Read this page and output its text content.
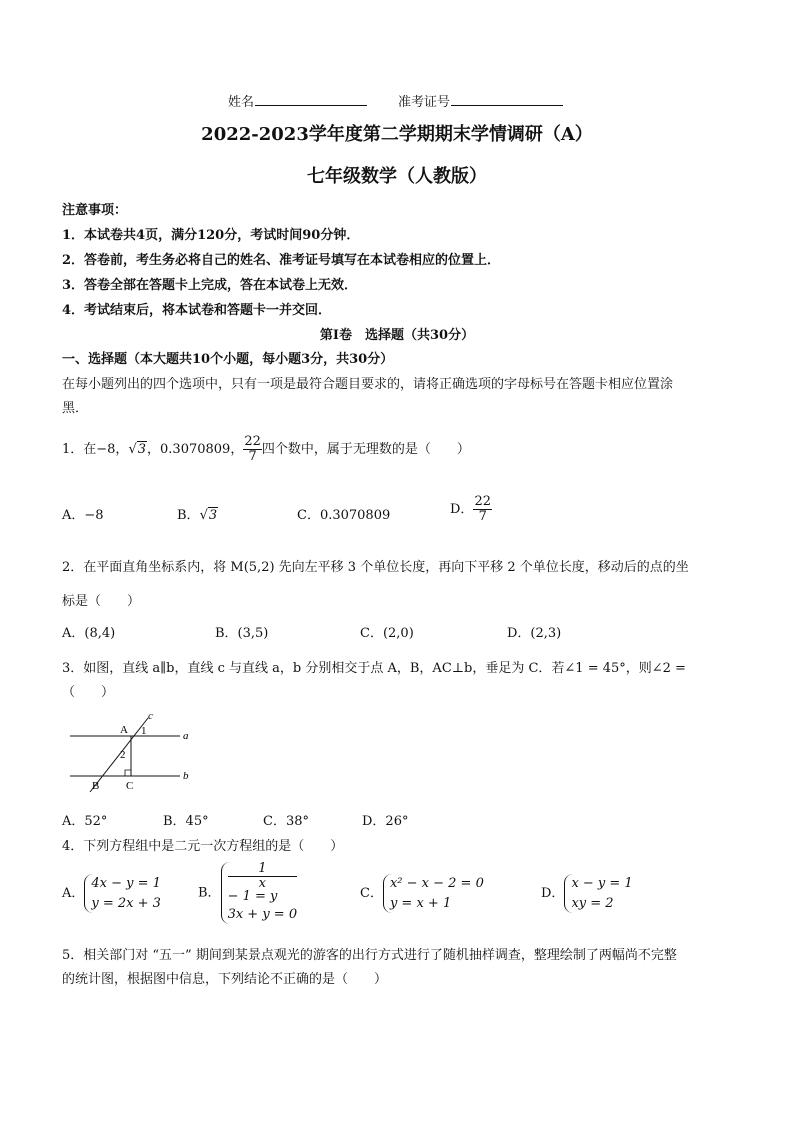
姓名	准考证号
2022-2023学年度第二学期期末学情调研（A）
七年级数学（人教版）
注意事项：
1．本试卷共4页，满分120分，考试时间90分钟．
2．答卷前，考生务必将自己的姓名、准考证号填写在本试卷相应的位置上．
3．答卷全部在答题卡上完成，答在本试卷上无效．
4．考试结束后，将本试卷和答题卡一并交回．
第Ⅰ卷　选择题（共30分）
一、选择题（本大题共10个小题，每小题3分，共30分）
在每小题列出的四个选项中，只有一项是最符合题目要求的，请将正确选项的字母标号在答题卡相应位置涂
黑．
1．在−8，√3，0.3070809， $\frac{22}{7}$ 四个数中，属于无理数的是（　　）
A．−8	B．√3	C．0.3070809	D． $\frac{22}{7}$
2．在平面直角坐标系内，将 M(5,2) 先向左平移 3 个单位长度，再向下平移 2 个单位长度，移动后的点的坐
标是（　　）
A．(8,4)	B．(3,5)	C．(2,0)	D．(2,3)
3．如图，直线 a∥b，直线 c 与直线 a，b 分别相交于点 A，B，AC⊥b，垂足为 C．若∠1 = 45°，则∠2 =
（　　）
A
B C
a
b
c
1
2
A．52°	B．45°	C．38°	D．26°
4．下列方程组中是二元一次方程组的是（　　）
A．
4x − y = 1
y = 2x + 3
B．
1
x
− 1 = y
3x + y = 0
C．
x² − x − 2 = 0
y = x + 1
D．
x − y = 1
xy = 2
5．相关部门对 “五一” 期间到某景点观光的游客的出行方式进行了随机抽样调查，整理绘制了两幅尚不完整
的统计图，根据图中信息，下列结论不正确的是（　　）
